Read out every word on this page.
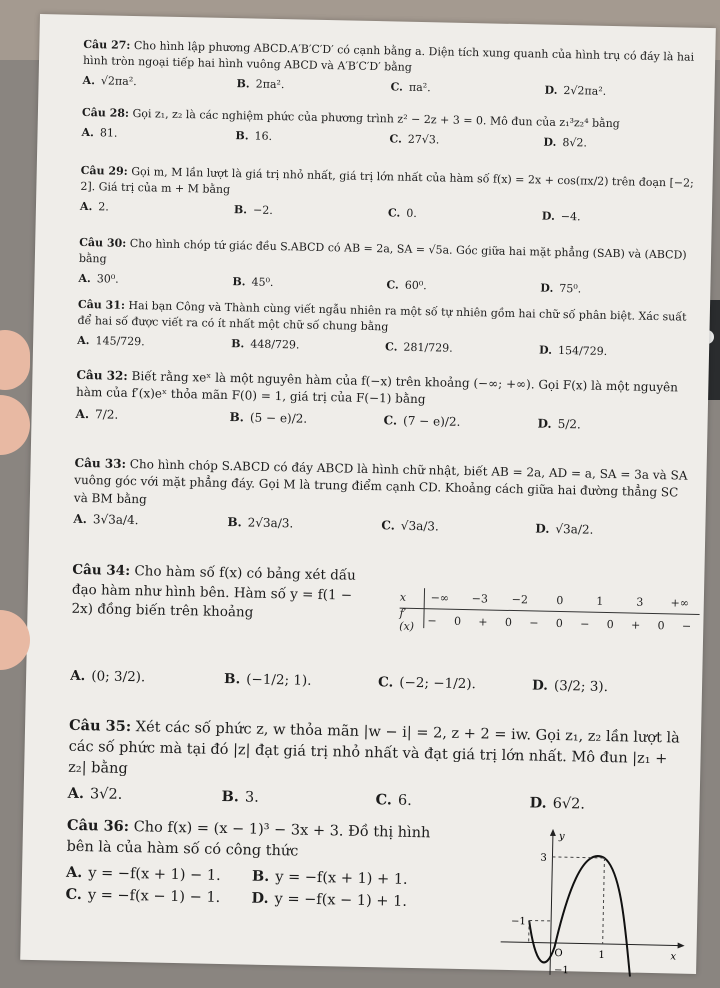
Câu 27: Cho hình lập phương ABCD.A′B′C′D′ có cạnh bằng a. Diện tích xung quanh của hình trụ có đáy là hai hình tròn ngoại tiếp hai hình vuông ABCD và A′B′C′D′ bằng

A. √2πa².	B. 2πa².	C. πa².	D. 2√2πa².

Câu 28: Gọi z₁, z₂ là các nghiệm phức của phương trình z² − 2z + 3 = 0. Mô đun của z₁³z₂⁴ bằng

A. 81.	B. 16.	C. 27√3.	D. 8√2.

Câu 29: Gọi m, M lần lượt là giá trị nhỏ nhất, giá trị lớn nhất của hàm số f(x) = 2x + cos(πx/2) trên đoạn [−2; 2]. Giá trị của m + M bằng

A. 2.	B. −2.	C. 0.	D. −4.

Câu 30: Cho hình chóp tứ giác đều S.ABCD có AB = 2a, SA = √5a. Góc giữa hai mặt phẳng (SAB) và (ABCD) bằng

A. 30⁰.	B. 45⁰.	C. 60⁰.	D. 75⁰.

Câu 31: Hai bạn Công và Thành cùng viết ngẫu nhiên ra một số tự nhiên gồm hai chữ số phân biệt. Xác suất để hai số được viết ra có ít nhất một chữ số chung bằng

A. 145/729.	B. 448/729.	C. 281/729.	D. 154/729.

Câu 32: Biết rằng xeˣ là một nguyên hàm của f(−x) trên khoảng (−∞; +∞). Gọi F(x) là một nguyên hàm của f′(x)eˣ thỏa mãn F(0) = 1, giá trị của F(−1) bằng

A. 7/2.	B. (5 − e)/2.	C. (7 − e)/2.	D. 5/2.

Câu 33: Cho hình chóp S.ABCD có đáy ABCD là hình chữ nhật, biết AB = 2a, AD = a, SA = 3a và SA vuông góc với mặt phẳng đáy. Gọi M là trung điểm cạnh CD. Khoảng cách giữa hai đường thẳng SC và BM bằng

A. 3√3a/4.	B. 2√3a/3.	C. √3a/3.	D. √3a/2.

Câu 34: Cho hàm số f(x) có bảng xét dấu đạo hàm như hình bên. Hàm số y = f(1 − 2x) đồng biến trên khoảng

A. (0; 3/2).	B. (−1/2; 1).	C. (−2; −1/2).	D. (3/2; 3).
x	−∞	−3	−2	0	1	3	+∞
f′(x)	−	0	+	0	−	0	−	0	+	0	−

Câu 35: Xét các số phức z, w thỏa mãn |w − i| = 2, z + 2 = iw. Gọi z₁, z₂ lần lượt là các số phức mà tại đó |z| đạt giá trị nhỏ nhất và đạt giá trị lớn nhất. Mô đun |z₁ + z₂| bằng

A. 3√2.	B. 3.	C. 6.	D. 6√2.

Câu 36: Cho f(x) = (x − 1)³ − 3x + 3. Đồ thị hình bên là của hàm số có công thức

A. y = −f(x + 1) − 1.	B. y = −f(x + 1) + 1.
C. y = −f(x − 1) − 1.	D. y = −f(x − 1) + 1.
y
x
O
3
−1
1
−1
